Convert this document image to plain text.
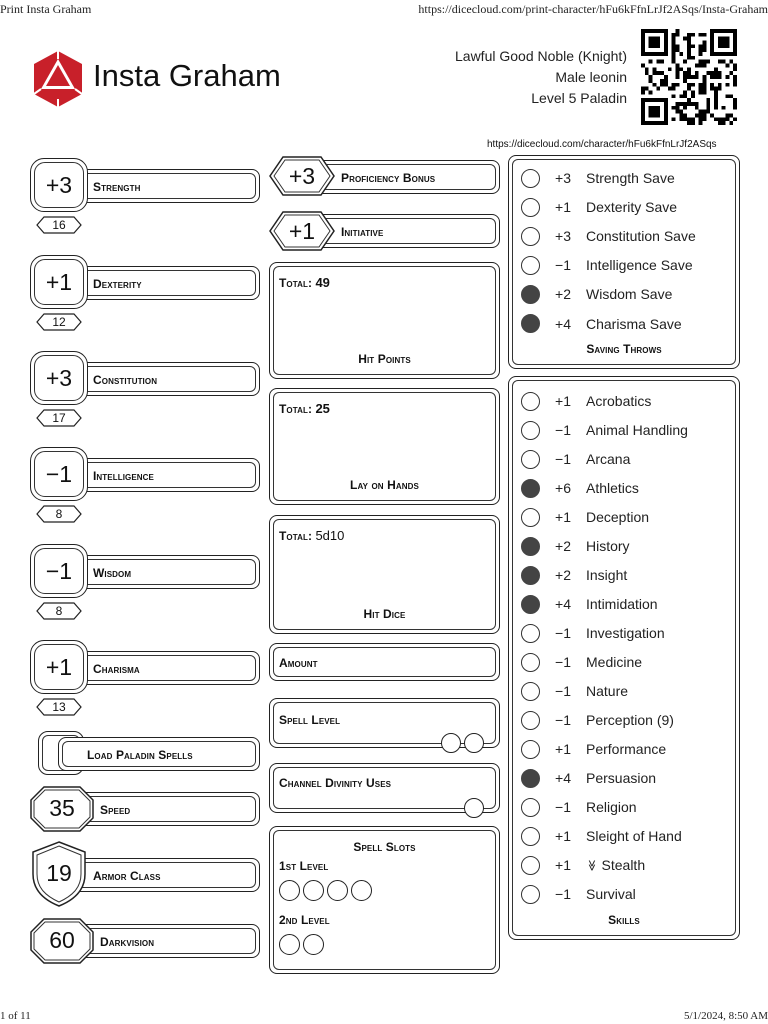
Print Insta Graham	https://dicecloud.com/print-character/hFu6kFfnLrJf2ASqs/Insta-Graham
1 of 11	5/1/2024, 8:50 AM
Insta Graham
Lawful Good Noble (Knight)
Male leonin
Level 5 Paladin
https://dicecloud.com/character/hFu6kFfnLrJf2ASqs
Strength
+3
16
Dexterity
+1
12
Constitution
+3
17
Intelligence
−1
8
Wisdom
−1
8
Charisma
+1
13
Load Paladin Spells
Speed
35
Armor Class
19
Darkvision
60
Proficiency Bonus
+3
Initiative
+1
Total: 49
Hit Points
Total: 25
Lay on Hands
Total: 5d10
Hit Dice
Amount
Spell Level
Channel Divinity Uses
Spell Slots
1st Level
2nd Level
Saving Throws
+3	Strength Save
+1	Dexterity Save
+3	Constitution Save
−1	Intelligence Save
+2	Wisdom Save
+4	Charisma Save
Skills
+1	Acrobatics
−1	Animal Handling
−1	Arcana
+6	Athletics
+1	Deception
+2	History
+2	Insight
+4	Intimidation
−1	Investigation
−1	Medicine
−1	Nature
−1	Perception (9)
+1	Performance
+4	Persuasion
−1	Religion
+1	Sleight of Hand
+1	≫ Stealth
−1	Survival
